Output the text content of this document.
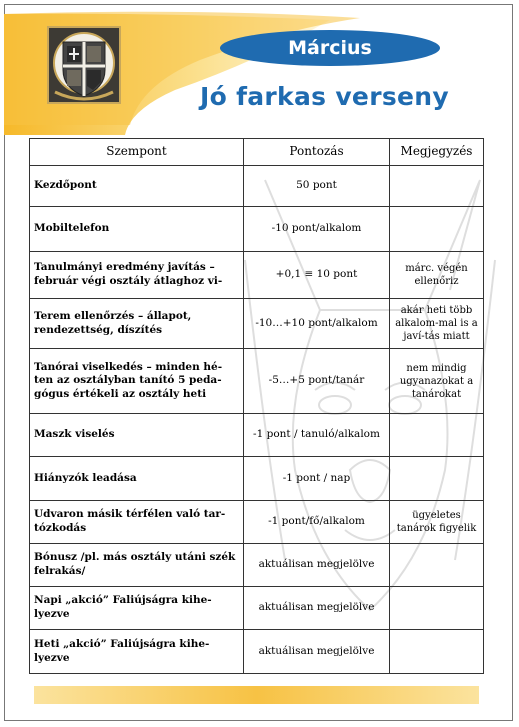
Március
Jó farkas verseny
Szempont	Pontozás	Megjegyzés
Kezdőpont	50 pont	
Mobiltelefon	-10 pont/alkalom	
Tanulmányi eredmény javítás – február végi osztály átlaghoz vi-	+0,1 ≡ 10 pont	márc. végén ellenőriz
Terem ellenőrzés – állapot, rendezettség, díszítés	-10…+10 pont/alkalom	akár heti több alkalom-mal is a javí-tás miatt
Tanórai viselkedés – minden hé-ten az osztályban tanító 5 peda-gógus értékeli az osztály heti	-5…+5 pont/tanár	nem mindig ugyanazokat a tanárokat
Maszk viselés	-1 pont / tanuló/alkalom	
Hiányzók leadása	-1 pont / nap	
Udvaron másik térfélen való tar-tózkodás	-1 pont/fő/alkalom	ügyeletes tanárok figyelik
Bónusz /pl. más osztály utáni szék felrakás/	aktuálisan megjelölve	
Napi „akció” Faliújságra kihe-lyezve	aktuálisan megjelölve	
Heti „akció” Faliújságra kihe-lyezve	aktuálisan megjelölve	
